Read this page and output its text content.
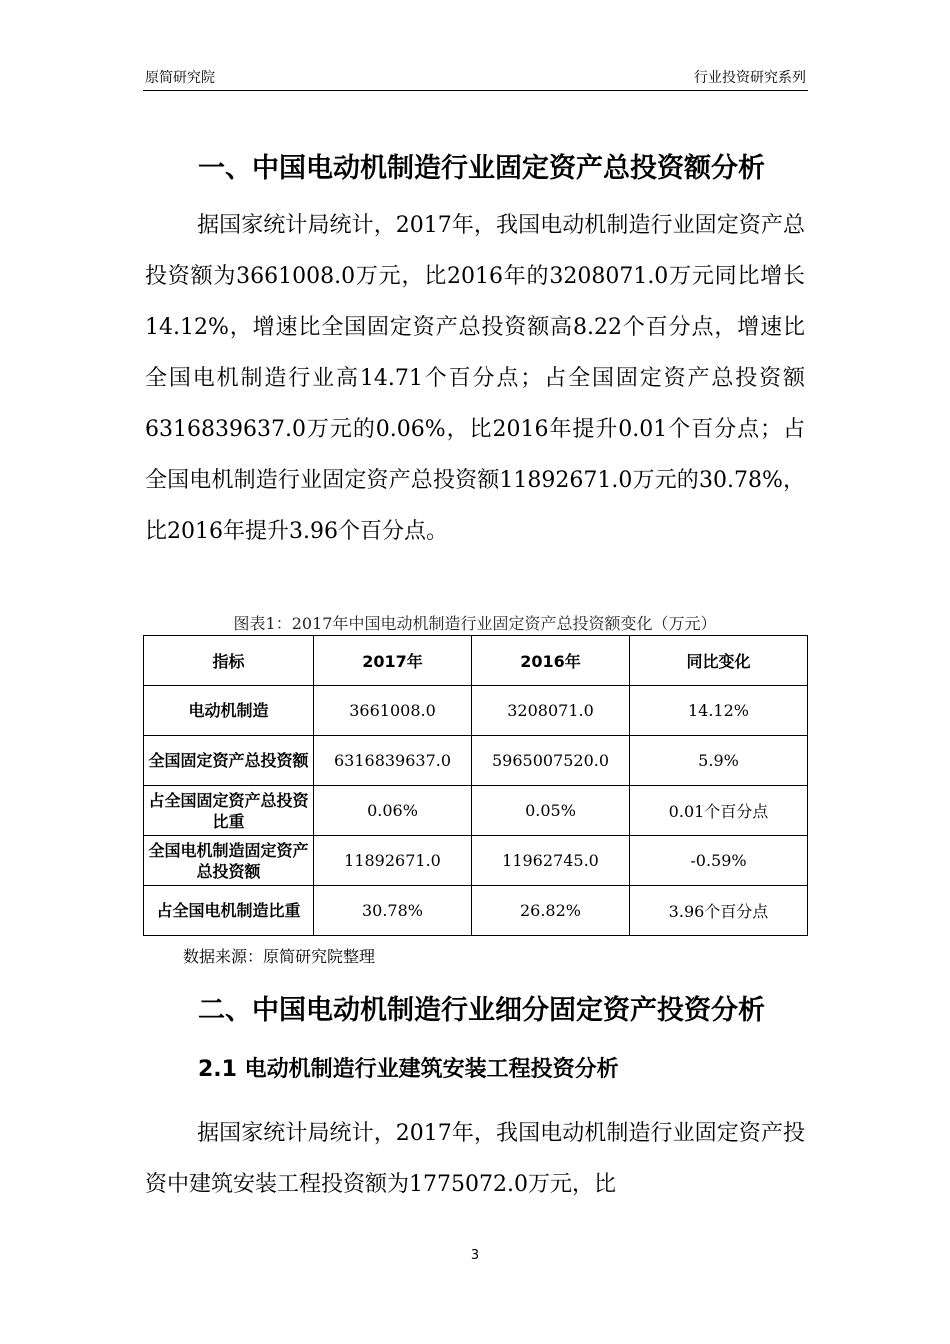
原简研究院	行业投资研究系列
一、中国电动机制造行业固定资产总投资额分析

据国家统计局统计，2017年，我国电动机制造行业固定资产总投资额为3661008.0万元，比2016年的3208071.0万元同比增长14.12%，增速比全国固定资产总投资额高8.22个百分点，增速比全国电机制造行业高14.71个百分点；占全国固定资产总投资额6316839637.0万元的0.06%，比2016年提升0.01个百分点；占全国电机制造行业固定资产总投资额11892671.0万元的30.78%，比2016年提升3.96个百分点。

图表1：2017年中国电动机制造行业固定资产总投资额变化（万元）
指标	2017年	2016年	同比变化
电动机制造	3661008.0	3208071.0	14.12%
全国固定资产总投资额	6316839637.0	5965007520.0	5.9%
占全国固定资产总投资比重	0.06%	0.05%	0.01个百分点
全国电机制造固定资产总投资额	11892671.0	11962745.0	-0.59%
占全国电机制造比重	30.78%	26.82%	3.96个百分点
数据来源：原简研究院整理
二、中国电动机制造行业细分固定资产投资分析
2.1 电动机制造行业建筑安装工程投资分析

据国家统计局统计，2017年，我国电动机制造行业固定资产投资中建筑安装工程投资额为1775072.0万元，比

3
